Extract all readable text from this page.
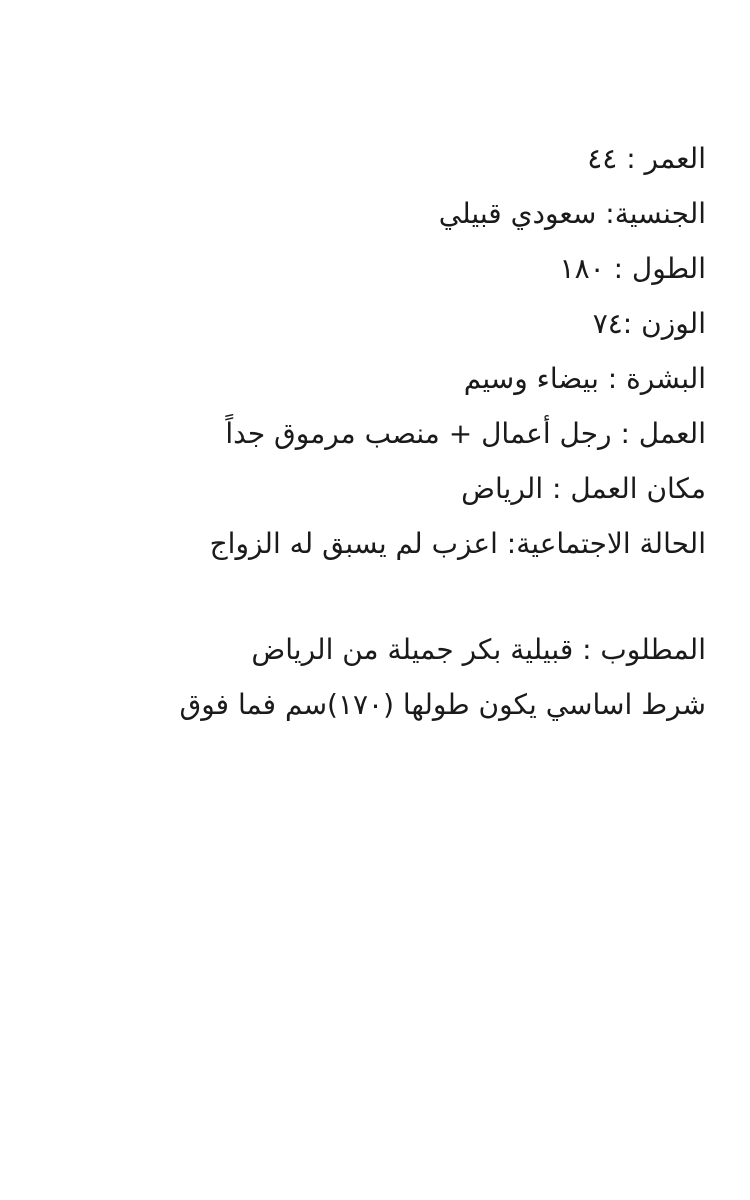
العمر : ٤٤
الجنسية: سعودي قبيلي
الطول : ١٨٠
الوزن :٧٤
البشرة : بيضاء وسيم
العمل : رجل أعمال + منصب مرموق جداً
مكان العمل : الرياض
الحالة الاجتماعية: اعزب لم يسبق له الزواج
المطلوب : قبيلية بكر جميلة من الرياض
شرط اساسي يكون طولها (١٧٠)سم فما فوق
